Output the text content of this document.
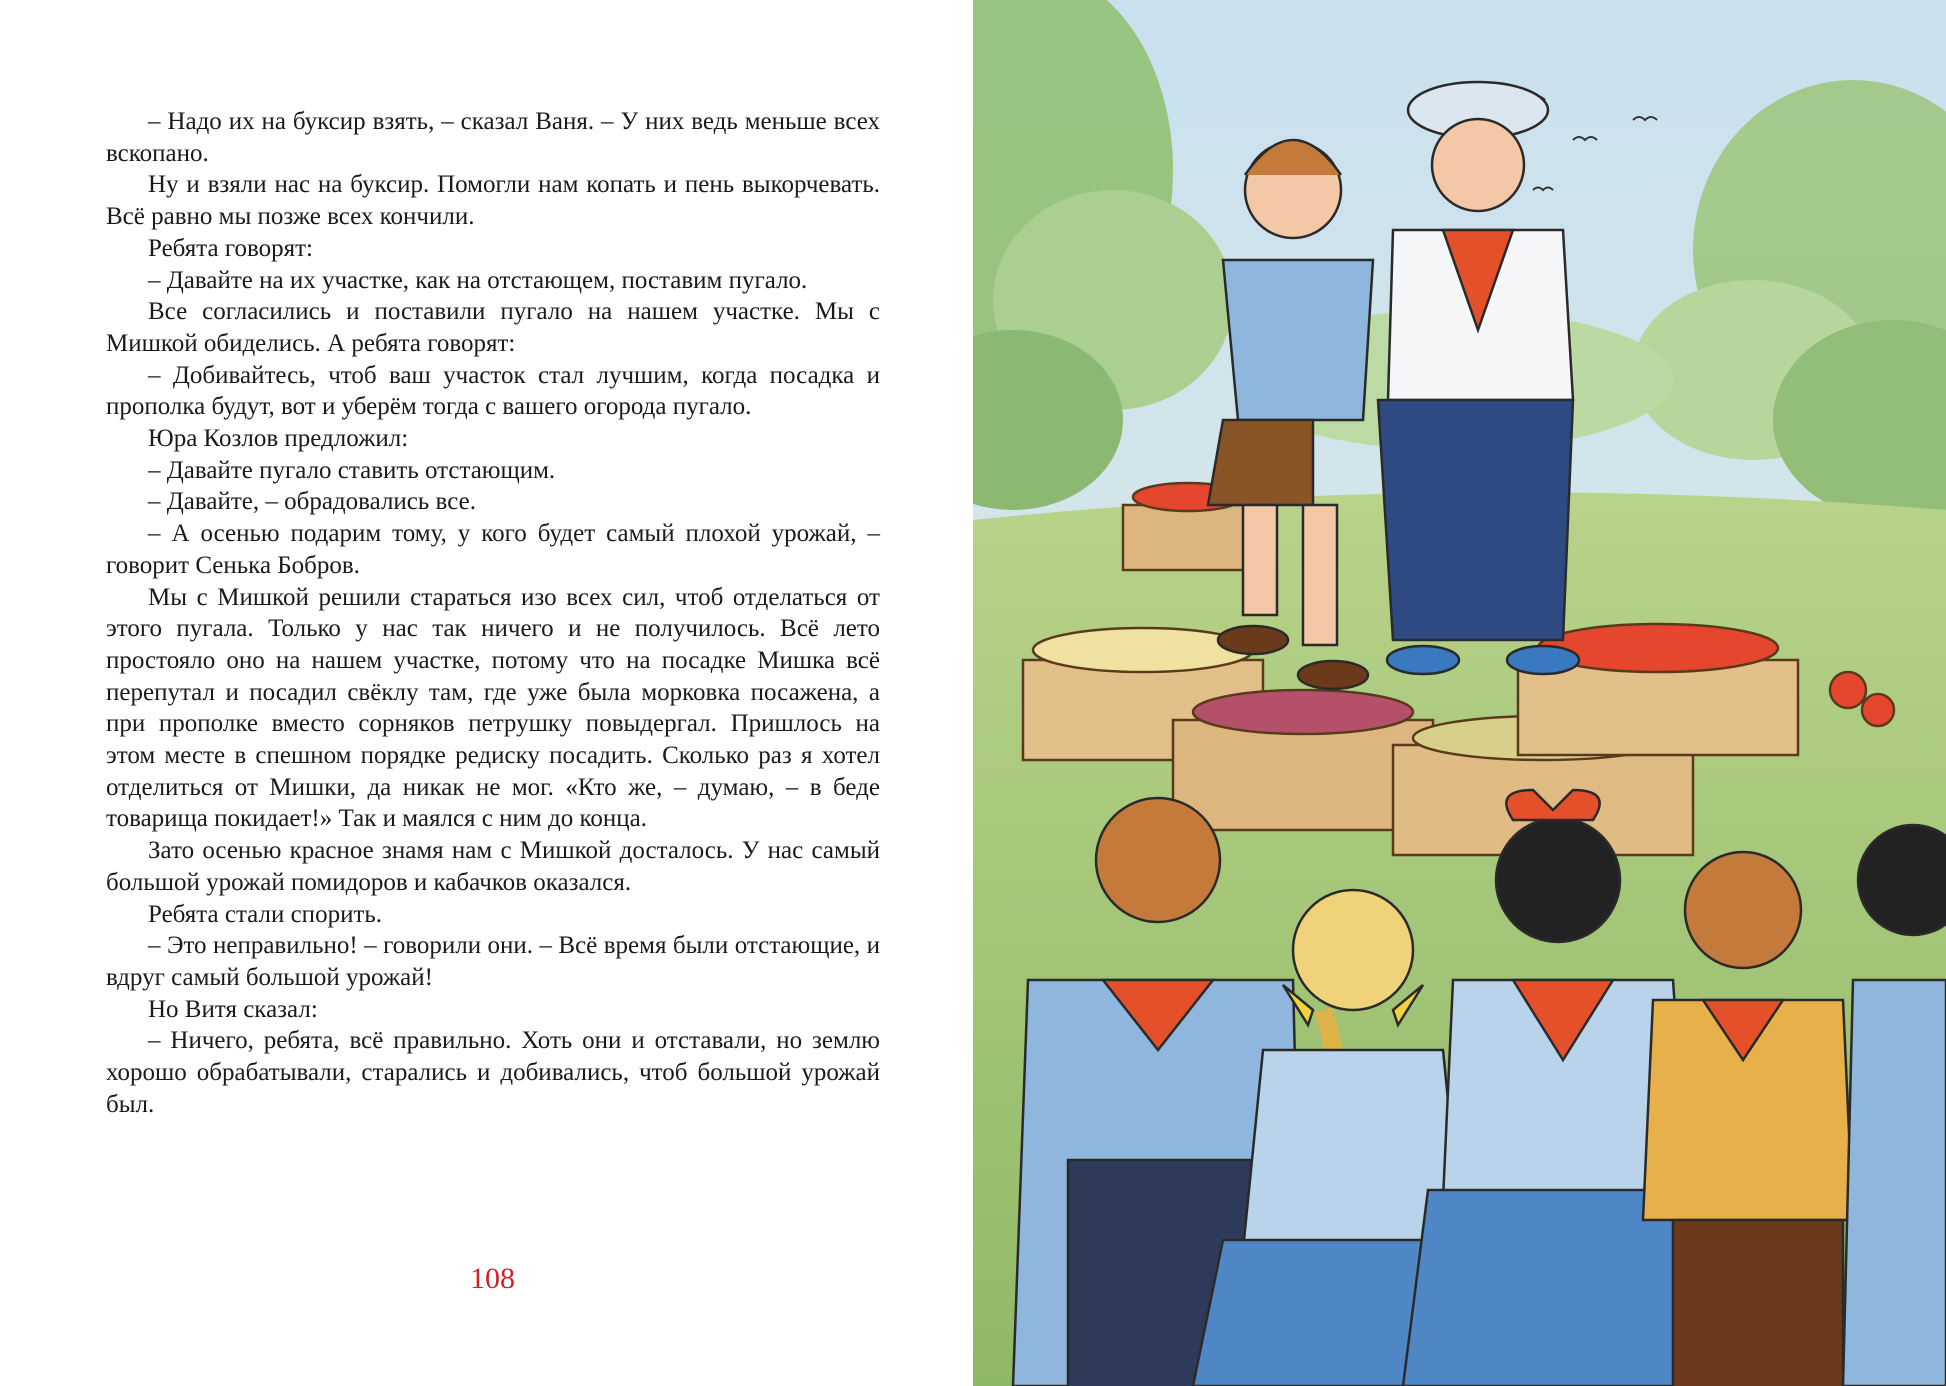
– Надо их на буксир взять, – сказал Ваня. – У них ведь меньше всех вскопано.

Ну и взяли нас на буксир. Помогли нам копать и пень выкорчевать. Всё равно мы позже всех кончили.

Ребята говорят:

– Давайте на их участке, как на отстающем, поставим пугало.

Все согласились и поставили пугало на нашем участке. Мы с Мишкой обиделись. А ребята говорят:

– Добивайтесь, чтоб ваш участок стал лучшим, когда посадка и прополка будут, вот и уберём тогда с вашего огорода пугало.

Юра Козлов предложил:

– Давайте пугало ставить отстающим.

– Давайте, – обрадовались все.

– А осенью подарим тому, у кого будет самый плохой урожай, – говорит Сенька Бобров.

Мы с Мишкой решили стараться изо всех сил, чтоб отделаться от этого пугала. Только у нас так ничего и не получилось. Всё лето простояло оно на нашем участке, потому что на посадке Мишка всё перепутал и посадил свёклу там, где уже была морковка посажена, а при прополке вместо сорняков петрушку повыдергал. Пришлось на этом месте в спешном порядке редиску посадить. Сколько раз я хотел отделиться от Мишки, да никак не мог. «Кто же, – думаю, – в беде товарища покидает!» Так и маялся с ним до конца.

Зато осенью красное знамя нам с Мишкой досталось. У нас самый большой урожай помидоров и кабачков оказался.

Ребята стали спорить.

– Это неправильно! – говорили они. – Всё время были отстающие, и вдруг самый большой урожай!

Но Витя сказал:

– Ничего, ребята, всё правильно. Хоть они и отставали, но землю хорошо обрабатывали, старались и добивались, чтоб большой урожай был.

108
